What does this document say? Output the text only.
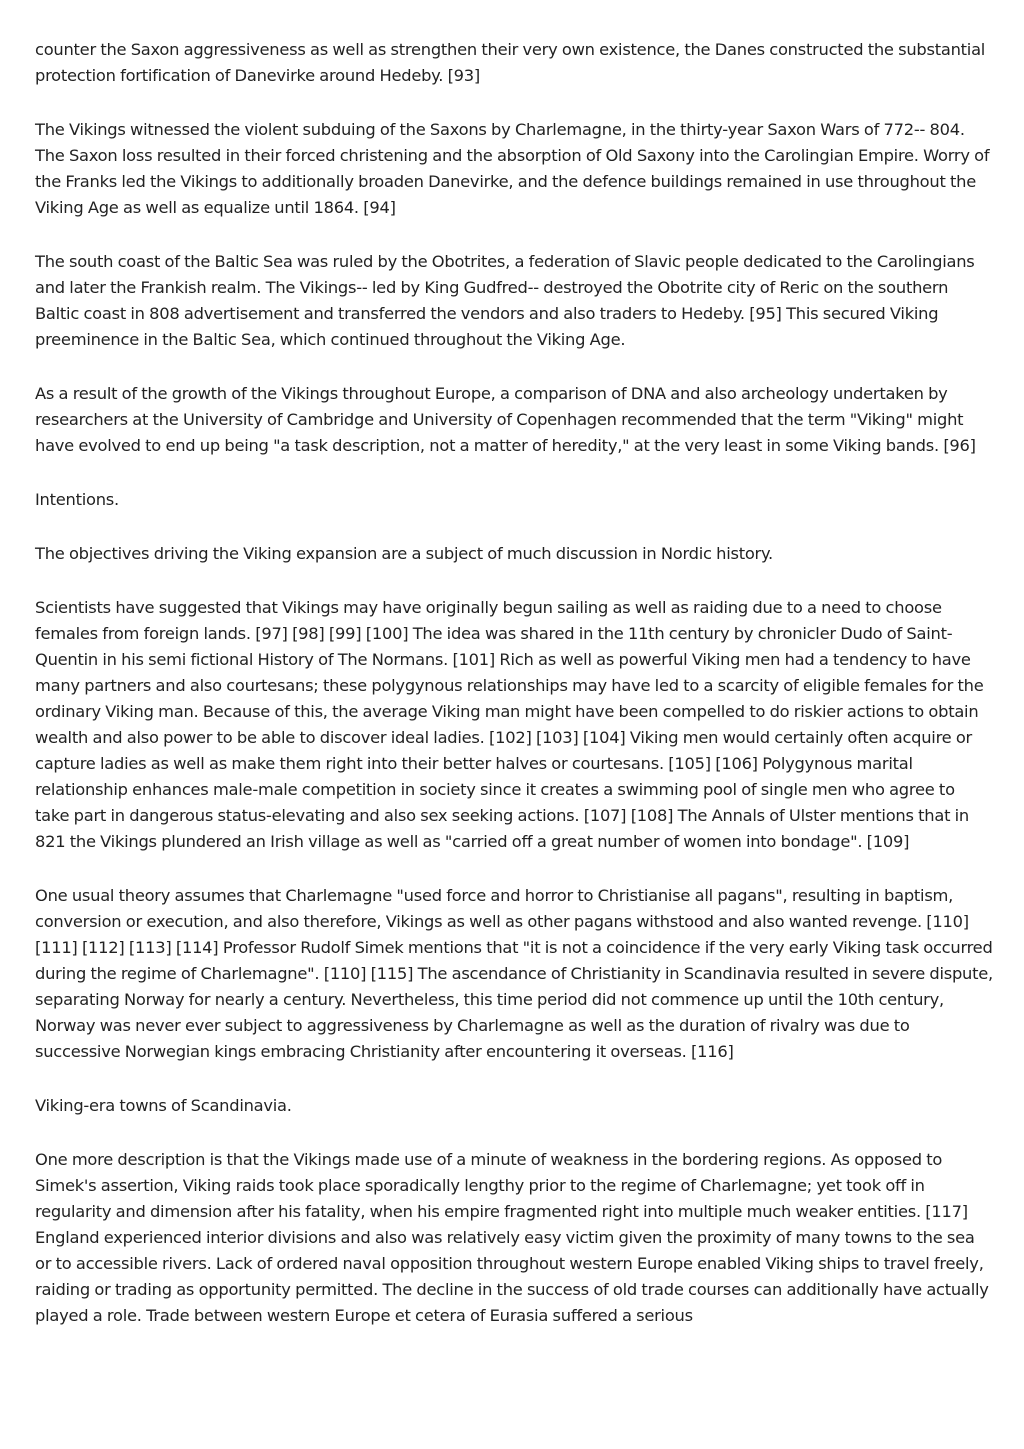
counter the Saxon aggressiveness as well as strengthen their very own existence, the Danes constructed the substantial protection fortification of Danevirke around Hedeby. [93]

The Vikings witnessed the violent subduing of the Saxons by Charlemagne, in the thirty-year Saxon Wars of 772-- 804. The Saxon loss resulted in their forced christening and the absorption of Old Saxony into the Carolingian Empire. Worry of the Franks led the Vikings to additionally broaden Danevirke, and the defence buildings remained in use throughout the Viking Age as well as equalize until 1864. [94]

The south coast of the Baltic Sea was ruled by the Obotrites, a federation of Slavic people dedicated to the Carolingians and later the Frankish realm. The Vikings-- led by King Gudfred-- destroyed the Obotrite city of Reric on the southern Baltic coast in 808 advertisement and transferred the vendors and also traders to Hedeby. [95] This secured Viking preeminence in the Baltic Sea, which continued throughout the Viking Age.

As a result of the growth of the Vikings throughout Europe, a comparison of DNA and also archeology undertaken by researchers at the University of Cambridge and University of Copenhagen recommended that the term "Viking" might have evolved to end up being "a task description, not a matter of heredity," at the very least in some Viking bands. [96]

Intentions.

The objectives driving the Viking expansion are a subject of much discussion in Nordic history.

Scientists have suggested that Vikings may have originally begun sailing as well as raiding due to a need to choose females from foreign lands. [97] [98] [99] [100] The idea was shared in the 11th century by chronicler Dudo of Saint-Quentin in his semi fictional History of The Normans. [101] Rich as well as powerful Viking men had a tendency to have many partners and also courtesans; these polygynous relationships may have led to a scarcity of eligible females for the ordinary Viking man. Because of this, the average Viking man might have been compelled to do riskier actions to obtain wealth and also power to be able to discover ideal ladies. [102] [103] [104] Viking men would certainly often acquire or capture ladies as well as make them right into their better halves or courtesans. [105] [106] Polygynous marital relationship enhances male-male competition in society since it creates a swimming pool of single men who agree to take part in dangerous status-elevating and also sex seeking actions. [107] [108] The Annals of Ulster mentions that in 821 the Vikings plundered an Irish village as well as "carried off a great number of women into bondage". [109]

One usual theory assumes that Charlemagne "used force and horror to Christianise all pagans", resulting in baptism, conversion or execution, and also therefore, Vikings as well as other pagans withstood and also wanted revenge. [110] [111] [112] [113] [114] Professor Rudolf Simek mentions that "it is not a coincidence if the very early Viking task occurred during the regime of Charlemagne". [110] [115] The ascendance of Christianity in Scandinavia resulted in severe dispute, separating Norway for nearly a century. Nevertheless, this time period did not commence up until the 10th century, Norway was never ever subject to aggressiveness by Charlemagne as well as the duration of rivalry was due to successive Norwegian kings embracing Christianity after encountering it overseas. [116]

Viking-era towns of Scandinavia.

One more description is that the Vikings made use of a minute of weakness in the bordering regions. As opposed to Simek's assertion, Viking raids took place sporadically lengthy prior to the regime of Charlemagne; yet took off in regularity and dimension after his fatality, when his empire fragmented right into multiple much weaker entities. [117] England experienced interior divisions and also was relatively easy victim given the proximity of many towns to the sea or to accessible rivers. Lack of ordered naval opposition throughout western Europe enabled Viking ships to travel freely, raiding or trading as opportunity permitted. The decline in the success of old trade courses can additionally have actually played a role. Trade between western Europe et cetera of Eurasia suffered a serious
